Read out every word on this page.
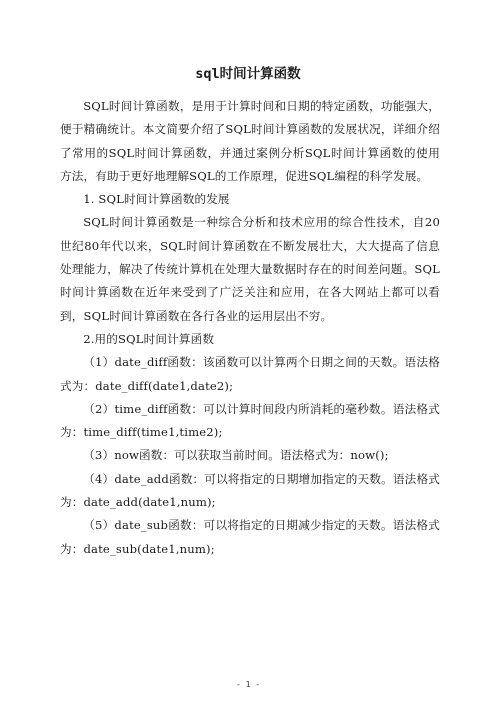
sql时间计算函数

SQL时间计算函数，是用于计算时间和日期的特定函数，功能强大，便于精确统计。本文简要介绍了SQL时间计算函数的发展状况，详细介绍了常用的SQL时间计算函数，并通过案例分析SQL时间计算函数的使用方法，有助于更好地理解SQL的工作原理，促进SQL编程的科学发展。

1. SQL时间计算函数的发展

SQL时间计算函数是一种综合分析和技术应用的综合性技术，自20世纪80年代以来，SQL时间计算函数在不断发展壮大，大大提高了信息处理能力，解决了传统计算机在处理大量数据时存在的时间差问题。SQL时间计算函数在近年来受到了广泛关注和应用，在各大网站上都可以看到，SQL时间计算函数在各行各业的运用层出不穷。

2.用的SQL时间计算函数

（1）date_diff函数：该函数可以计算两个日期之间的天数。语法格式为：date_diff(date1,date2);

（2）time_diff函数：可以计算时间段内所消耗的毫秒数。语法格式为：time_diff(time1,time2);

（3）now函数：可以获取当前时间。语法格式为：now();

（4）date_add函数：可以将指定的日期增加指定的天数。语法格式为：date_add(date1,num);

（5）date_sub函数：可以将指定的日期减少指定的天数。语法格式为：date_sub(date1,num);

- 1 -
